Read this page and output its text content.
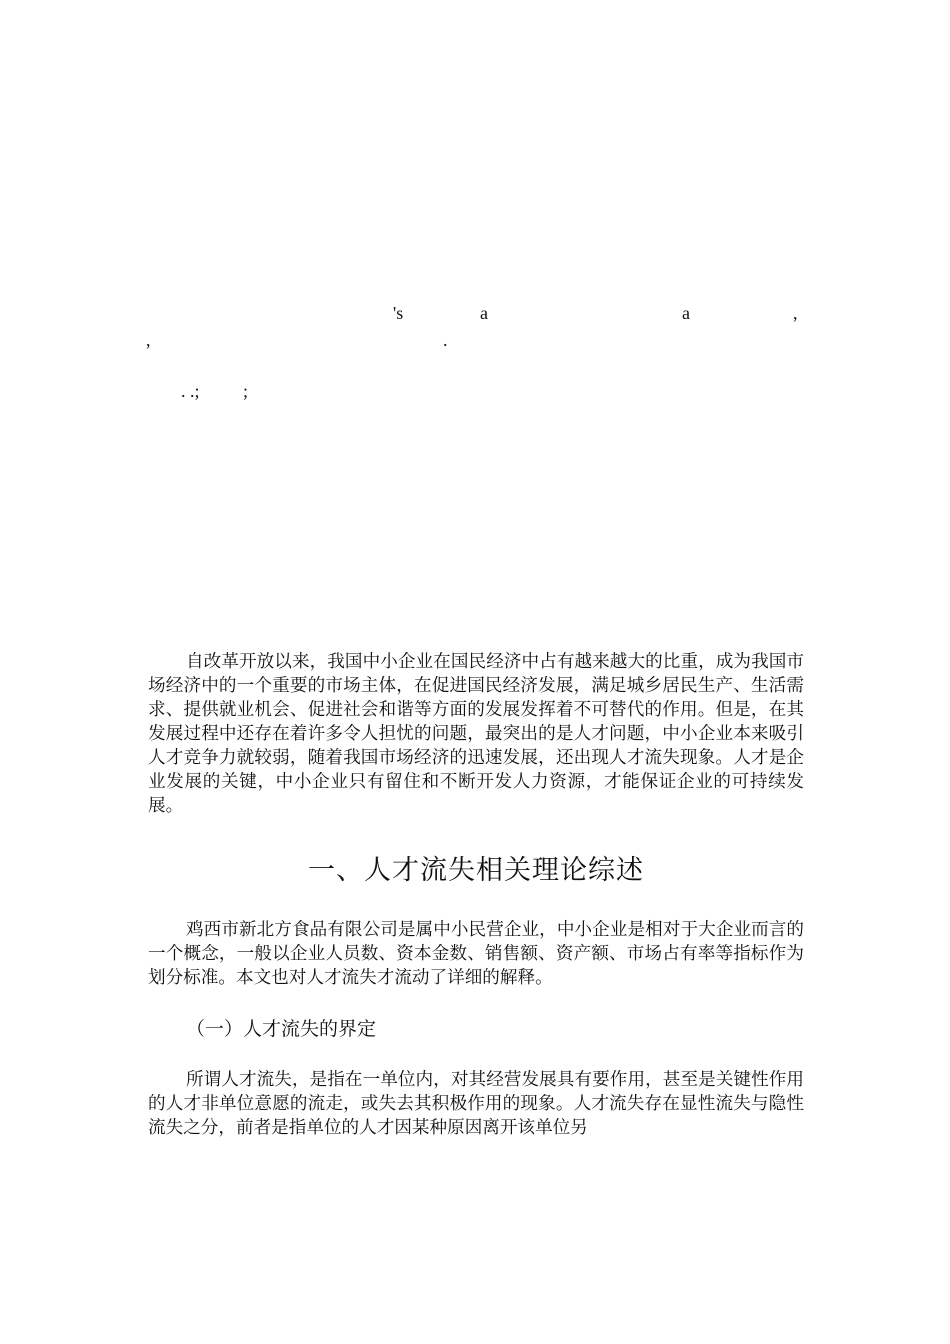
's	a	a	,
,	.
. .; ;

自改革开放以来，我国中小企业在国民经济中占有越来越大的比重，成为我国市场经济中的一个重要的市场主体，在促进国民经济发展，满足城乡居民生产、生活需求、提供就业机会、促进社会和谐等方面的发展发挥着不可替代的作用。但是，在其发展过程中还存在着许多令人担忧的问题，最突出的是人才问题，中小企业本来吸引人才竞争力就较弱，随着我国市场经济的迅速发展，还出现人才流失现象。人才是企业发展的关键，中小企业只有留住和不断开发人力资源，才能保证企业的可持续发展。

一、人才流失相关理论综述

鸡西市新北方食品有限公司是属中小民营企业，中小企业是相对于大企业而言的一个概念，一般以企业人员数、资本金数、销售额、资产额、市场占有率等指标作为划分标准。本文也对人才流失才流动了详细的解释。

（一）人才流失的界定

所谓人才流失，是指在一单位内，对其经营发展具有要作用，甚至是关键性作用的人才非单位意愿的流走，或失去其积极作用的现象。人才流失存在显性流失与隐性流失之分，前者是指单位的人才因某种原因离开该单位另
